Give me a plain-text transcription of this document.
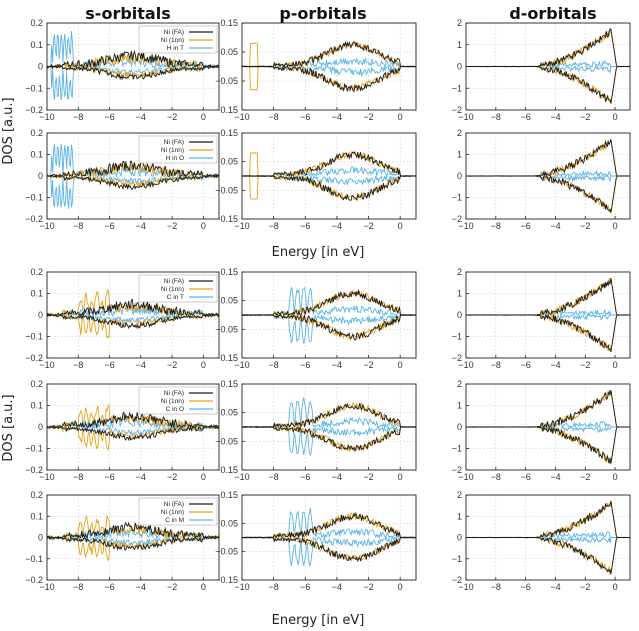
s-orbitals	p-orbitals	d-orbitals
DOS [a.u.]
DOS [a.u.]
Energy [in eV]
Energy [in eV]
−0.2
−0.1
0
0.1
0.2
−10 −8 −6 −4 −2	0
Ni (FA)
Ni (1nn)
H in T
−0.2
−0.1
0
0.1
0.2
−10 −8 −6 −4 −2	0
Ni (FA)
Ni (1nn)
H in O
−0.2
−0.1
0
0.1
0.2
−10 −8 −6 −4 −2	0
Ni (FA)
Ni (1nn)
C in T
−0.2
−0.1
0
0.1
0.2
−10 −8 −6 −4 −2	0
Ni (FA)
Ni (1nn)
C in O
−0.2
−0.1
0
0.1
0.2
−10 −8 −6 −4 −2	0
Ni (FA)
Ni (1nn)
C in M
−0.15
−0.05
0.05
0.15
−10 −8 −6 −4 −2	0
−0.15
−0.05
0.05
0.15
−10 −8 −6 −4 −2	0
−0.15
−0.05
0.05
0.15
−10 −8 −6 −4 −2	0
−0.15
−0.05
0.05
0.15
−10 −8 −6 −4 −2	0
−0.15
−0.05
0.05
0.15
−10 −8 −6 −4 −2	0
−2
−1
0
1
2
−10 −8 −6 −4 −2 0
−2
−1
0
1
2
−10 −8 −6 −4 −2 0
−2
−1
0
1
2
−10 −8 −6 −4 −2 0
−2
−1
0
1
2
−10 −8 −6 −4 −2 0
−2
−1
0
1
2
−10 −8 −6 −4 −2 0
